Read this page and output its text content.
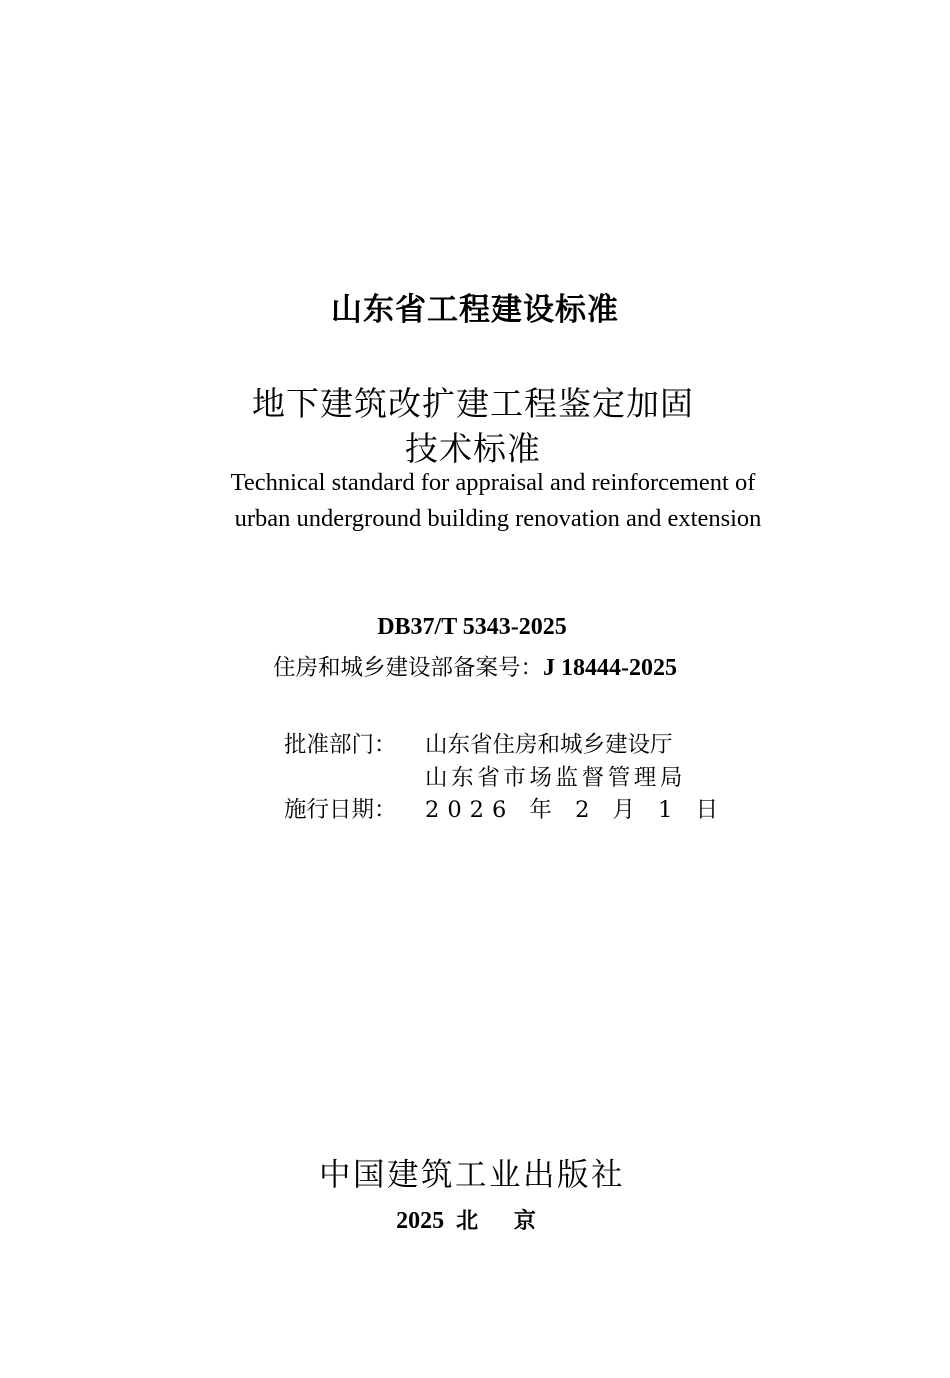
山东省工程建设标准
地下建筑改扩建工程鉴定加固
技术标准
Technical standard for appraisal and reinforcement of
urban underground building renovation and extension
DB37/T 5343-2025
住房和城乡建设部备案号：J 18444-2025
批准部门： 山东省住房和城乡建设厅
山东省市场监督管理局
施行日期： 2026 年 2 月 1 日
中国建筑工业出版社
2025 北 京
